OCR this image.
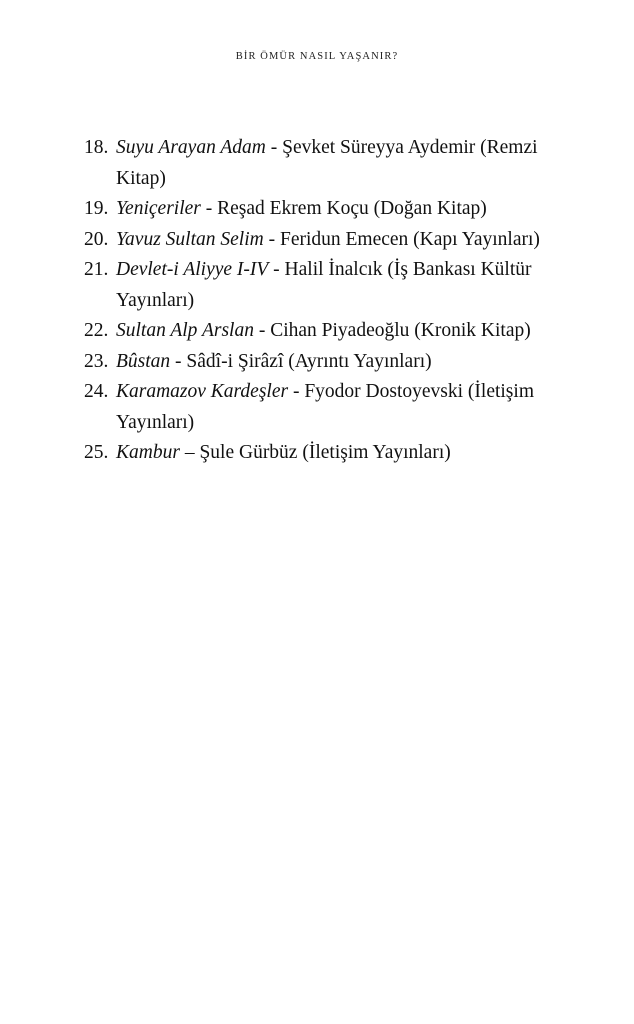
BİR ÖMÜR NASIL YAŞANIR?
18. Suyu Arayan Adam - Şevket Süreyya Aydemir (Remzi Kitap)
19. Yeniçeriler - Reşad Ekrem Koçu (Doğan Kitap)
20. Yavuz Sultan Selim - Feridun Emecen (Kapı Yayınları)
21. Devlet-i Aliyye I-IV - Halil İnalcık (İş Bankası Kültür Yayınları)
22. Sultan Alp Arslan - Cihan Piyadeoğlu (Kronik Kitap)
23. Bûstan - Sâdî-i Şirâzî (Ayrıntı Yayınları)
24. Karamazov Kardeşler - Fyodor Dostoyevski (İletişim Yayınları)
25. Kambur – Şule Gürbüz (İletişim Yayınları)
